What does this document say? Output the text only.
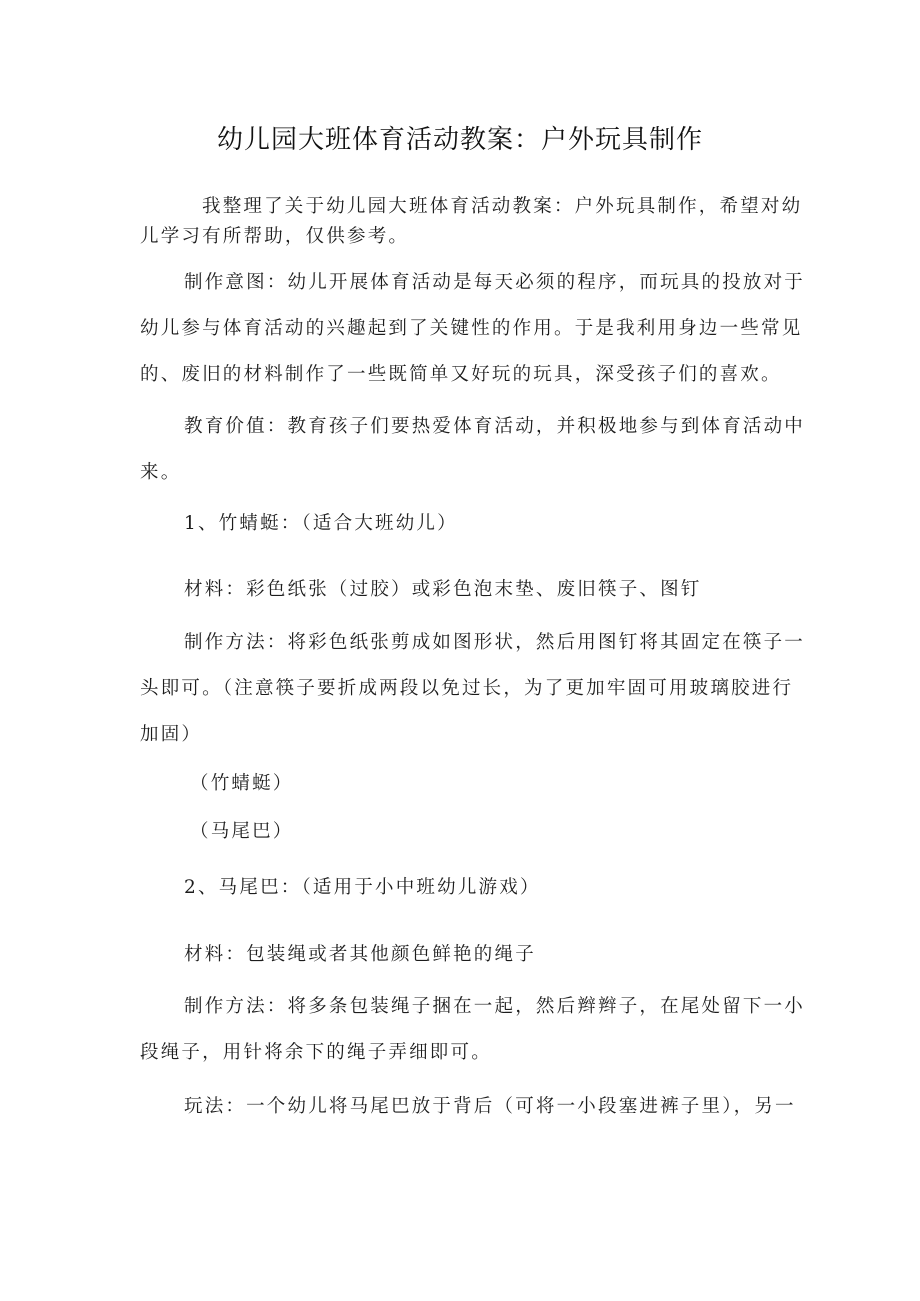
幼儿园大班体育活动教案：户外玩具制作
我整理了关于幼儿园大班体育活动教案：户外玩具制作，希望对幼
儿学习有所帮助，仅供参考。
制作意图：幼儿开展体育活动是每天必须的程序，而玩具的投放对于
幼儿参与体育活动的兴趣起到了关键性的作用。于是我利用身边一些常见
的、废旧的材料制作了一些既简单又好玩的玩具，深受孩子们的喜欢。
教育价值：教育孩子们要热爱体育活动，并积极地参与到体育活动中
来。
1、竹蜻蜓：（适合大班幼儿）
材料：彩色纸张（过胶）或彩色泡末垫、废旧筷子、图钉
制作方法：将彩色纸张剪成如图形状，然后用图钉将其固定在筷子一
头即可。（注意筷子要折成两段以免过长，为了更加牢固可用玻璃胶进行
加固）
（竹蜻蜓）
（马尾巴）
2、马尾巴：（适用于小中班幼儿游戏）
材料：包装绳或者其他颜色鲜艳的绳子
制作方法：将多条包装绳子捆在一起，然后辫辫子，在尾处留下一小
段绳子，用针将余下的绳子弄细即可。
玩法：一个幼儿将马尾巴放于背后（可将一小段塞进裤子里），另一
